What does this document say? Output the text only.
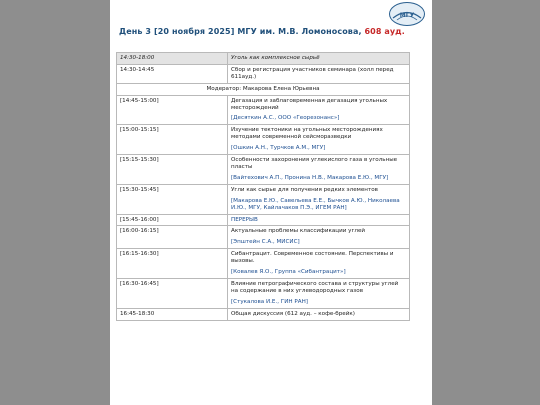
МГУ
День 3 [20 ноября 2025] МГУ им. М.В. Ломоносова, 608 ауд.
14:30-18:00	Уголь как комплексное сырьё
14:30-14:45	Сбор и регистрация участников семинара (холл перед 611ауд.)
Модератор: Макарова Елена Юрьевна	
[14:45-15:00]	Дегазация и заблаговременная дегазация угольных месторождений
[Десяткин А.С., ООО «Георезонанс»]

[15:00-15:15]	Изучение тектоники на угольных месторождениях методами современной сейсморазведки
[Ошкин А.Н., Турчков А.М., МГУ]

[15:15-15:30]	Особенности захоронения углекислого газа в угольные пласты
[Вайтехович А.П., Пронина Н.В., Макарова Е.Ю., МГУ]

[15:30-15:45]	Угли как сырье для получения редких элементов
[Макарова Е.Ю., Савельева Е.Е., Бычков А.Ю., Николаева И.Ю., МГУ, Кайлачаков П.Э., ИГЕМ РАН]

[15:45-16:00]	ПЕРЕРЫВ
[16:00-16:15]	Актуальные проблемы классификации углей
[Эпштейн С.А., МИСИС]

[16:15-16:30]	Сибантрацит. Современное состояние. Перспективы и вызовы.
[Ковалев Я.О., Группа «Сибантрацит»]

[16:30-16:45]	Влияние петрографического состава и структуры углей на содержание в них углеводородных газов
[Стукалова И.Е., ГИН РАН]

16:45-18:30	Общая дискуссия (612 ауд. – кофе-брейк)
